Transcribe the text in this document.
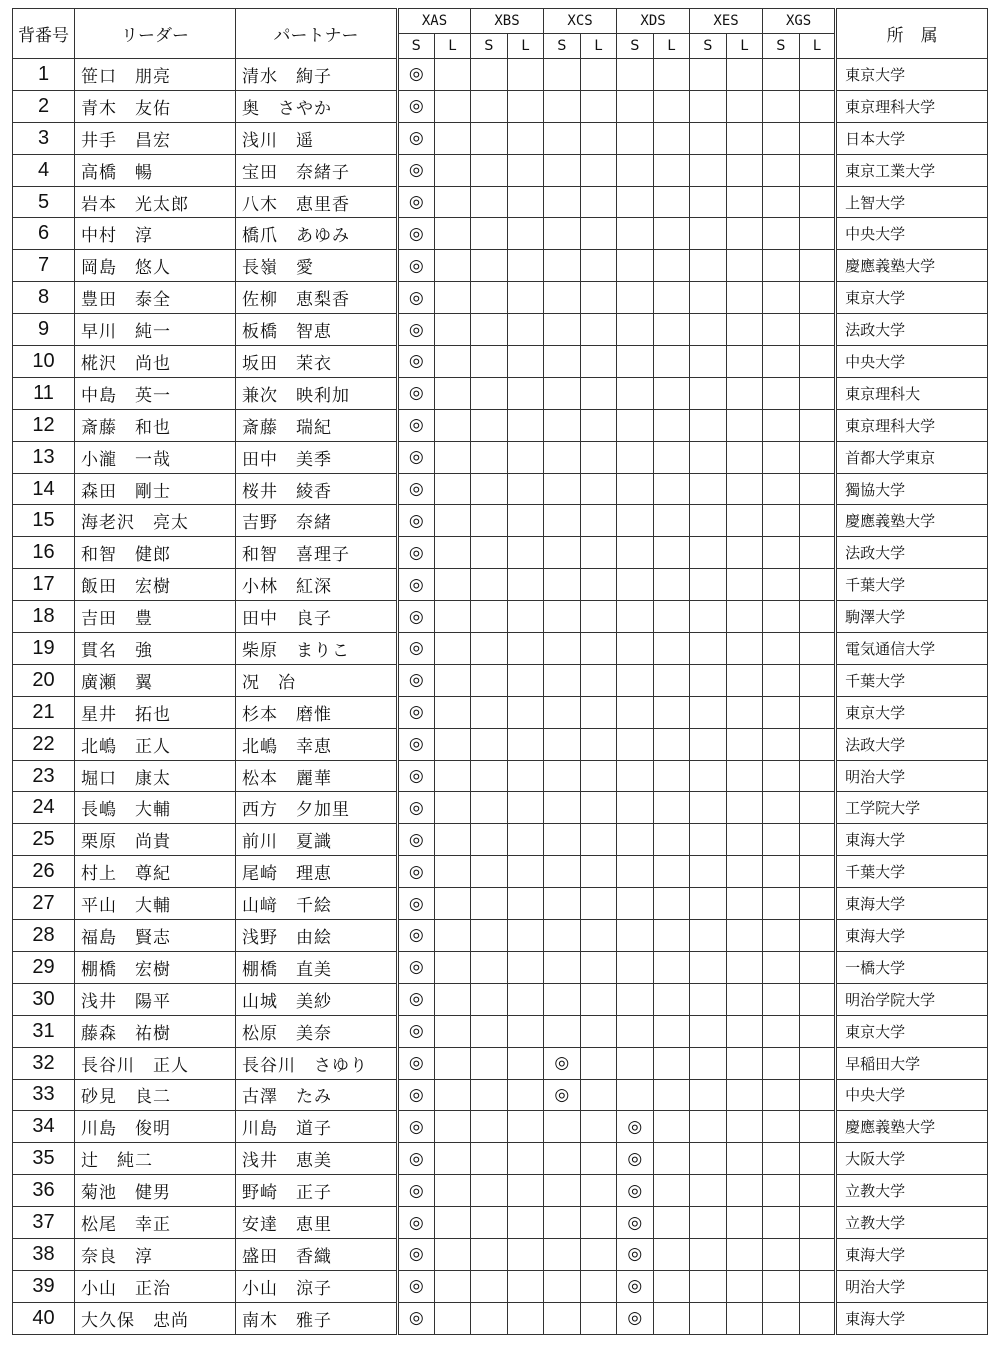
背番号	リーダー	パートナー	XAS		XBS		XCS		XDS		XES		XGS		所　属
			S	L	S	L	S	L	S	L	S	L	S	L	
1	笹口　朋亮	清水　絢子	◎												東京大学
2	青木　友佑	奥　さやか	◎												東京理科大学
3	井手　昌宏	浅川　遥	◎												日本大学
4	高橋　暢	宝田　奈緒子	◎												東京工業大学
5	岩本　光太郎	八木　恵里香	◎												上智大学
6	中村　淳	橋爪　あゆみ	◎												中央大学
7	岡島　悠人	長嶺　愛	◎												慶應義塾大学
8	豊田　泰全	佐柳　恵梨香	◎												東京大学
9	早川　純一	板橋　智恵	◎												法政大学
10	椛沢　尚也	坂田　茉衣	◎												中央大学
11	中島　英一	兼次　映利加	◎												東京理科大
12	斎藤　和也	斎藤　瑞紀	◎												東京理科大学
13	小瀧　一哉	田中　美季	◎												首都大学東京
14	森田　剛士	桜井　綾香	◎												獨協大学
15	海老沢　亮太	吉野　奈緒	◎												慶應義塾大学
16	和智　健郎	和智　喜理子	◎												法政大学
17	飯田　宏樹	小林　紅深	◎												千葉大学
18	吉田　豊	田中　良子	◎												駒澤大学
19	貫名　強	柴原　まりこ	◎												電気通信大学
20	廣瀬　翼	况　冶	◎												千葉大学
21	星井　拓也	杉本　磨惟	◎												東京大学
22	北嶋　正人	北嶋　幸恵	◎												法政大学
23	堀口　康太	松本　麗華	◎												明治大学
24	長嶋　大輔	西方　夕加里	◎												工学院大学
25	栗原　尚貴	前川　夏識	◎												東海大学
26	村上　尊紀	尾崎　理恵	◎												千葉大学
27	平山　大輔	山﨑　千絵	◎												東海大学
28	福島　賢志	浅野　由絵	◎												東海大学
29	棚橋　宏樹	棚橋　直美	◎												一橋大学
30	浅井　陽平	山城　美紗	◎												明治学院大学
31	藤森　祐樹	松原　美奈	◎												東京大学
32	長谷川　正人	長谷川　さゆり	◎				◎								早稲田大学
33	砂見　良二	古澤　たみ	◎				◎								中央大学
34	川島　俊明	川島　道子	◎						◎						慶應義塾大学
35	辻　純二	浅井　恵美	◎						◎						大阪大学
36	菊池　健男	野崎　正子	◎						◎						立教大学
37	松尾　幸正	安達　恵里	◎						◎						立教大学
38	奈良　淳	盛田　香織	◎						◎						東海大学
39	小山　正治	小山　涼子	◎						◎						明治大学
40	大久保　忠尚	南木　雅子	◎						◎						東海大学
